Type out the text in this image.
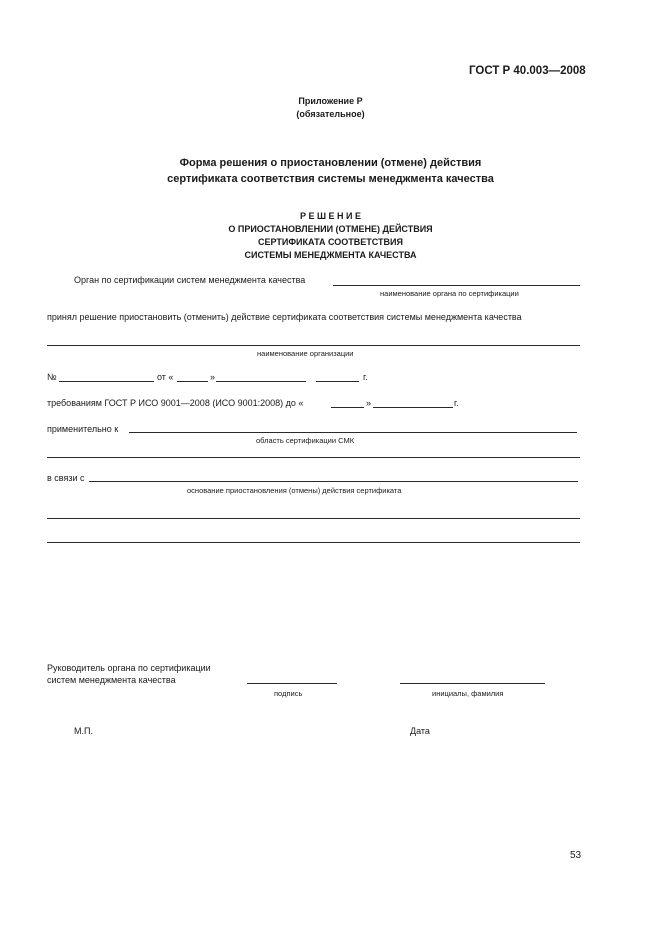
ГОСТ Р 40.003—2008
Приложение Р
(обязательное)
Форма решения о приостановлении (отмене) действия
сертификата соответствия системы менеджмента качества
Р Е Ш Е Н И Е
О ПРИОСТАНОВЛЕНИИ (ОТМЕНЕ) ДЕЙСТВИЯ
СЕРТИФИКАТА СООТВЕТСТВИЯ
СИСТЕМЫ МЕНЕДЖМЕНТА КАЧЕСТВА
Орган по сертификации систем менеджмента качества
наименование органа по сертификации
принял решение приостановить (отменить) действие сертификата соответствия системы менеджмента качества
наименование организации
№	от «	»	г.
требованиям ГОСТ Р ИСО 9001—2008 (ИСО 9001:2008) до «	»	г.
применительно к
область сертификации СМК
в связи с
основание приостановления (отмены) действия сертификата
Руководитель органа по сертификации
систем менеджмента качества
подпись	инициалы, фамилия
М.П.	Дата
53
